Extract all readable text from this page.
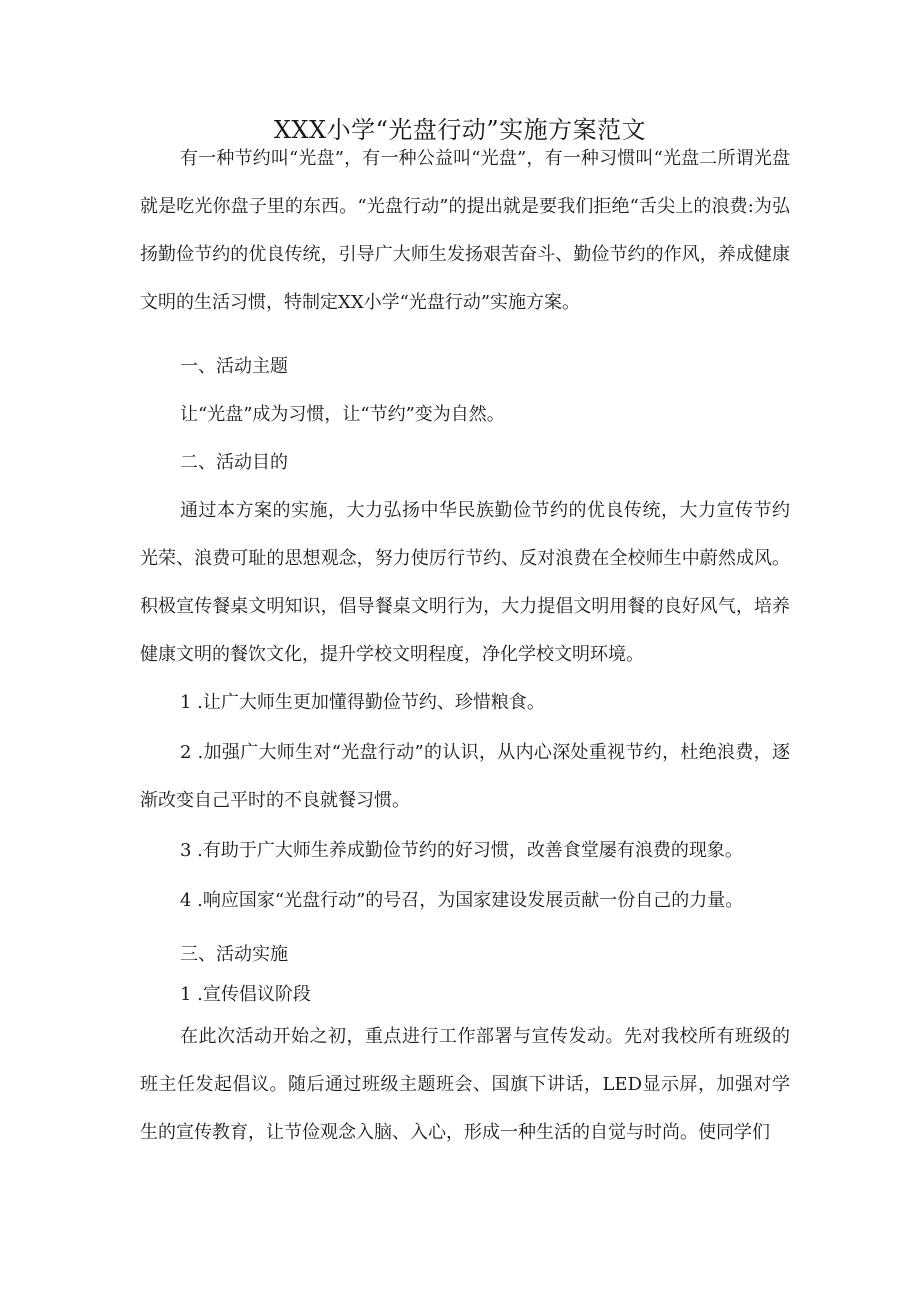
XXX小学“光盘行动”实施方案范文

有一种节约叫“光盘”，有一种公益叫“光盘”，有一种习惯叫“光盘二所谓光盘就是吃光你盘子里的东西。“光盘行动”的提出就是要我们拒绝“舌尖上的浪费:为弘扬勤俭节约的优良传统，引导广大师生发扬艰苦奋斗、勤俭节约的作风，养成健康文明的生活习惯，特制定XX小学“光盘行动”实施方案。

一、活动主题

让“光盘”成为习惯，让“节约”变为自然。

二、活动目的

通过本方案的实施，大力弘扬中华民族勤俭节约的优良传统，大力宣传节约光荣、浪费可耻的思想观念，努力使厉行节约、反对浪费在全校师生中蔚然成风。积极宣传餐桌文明知识，倡导餐桌文明行为，大力提倡文明用餐的良好风气，培养健康文明的餐饮文化，提升学校文明程度，净化学校文明环境。

1 .让广大师生更加懂得勤俭节约、珍惜粮食。

2 .加强广大师生对“光盘行动”的认识，从内心深处重视节约，杜绝浪费，逐渐改变自己平时的不良就餐习惯。

3 .有助于广大师生养成勤俭节约的好习惯，改善食堂屡有浪费的现象。

4 .响应国家“光盘行动”的号召，为国家建设发展贡献一份自己的力量。

三、活动实施

1 .宣传倡议阶段

在此次活动开始之初，重点进行工作部署与宣传发动。先对我校所有班级的班主任发起倡议。随后通过班级主题班会、国旗下讲话，LED显示屏，加强对学生的宣传教育，让节俭观念入脑、入心，形成一种生活的自觉与时尚。使同学们
